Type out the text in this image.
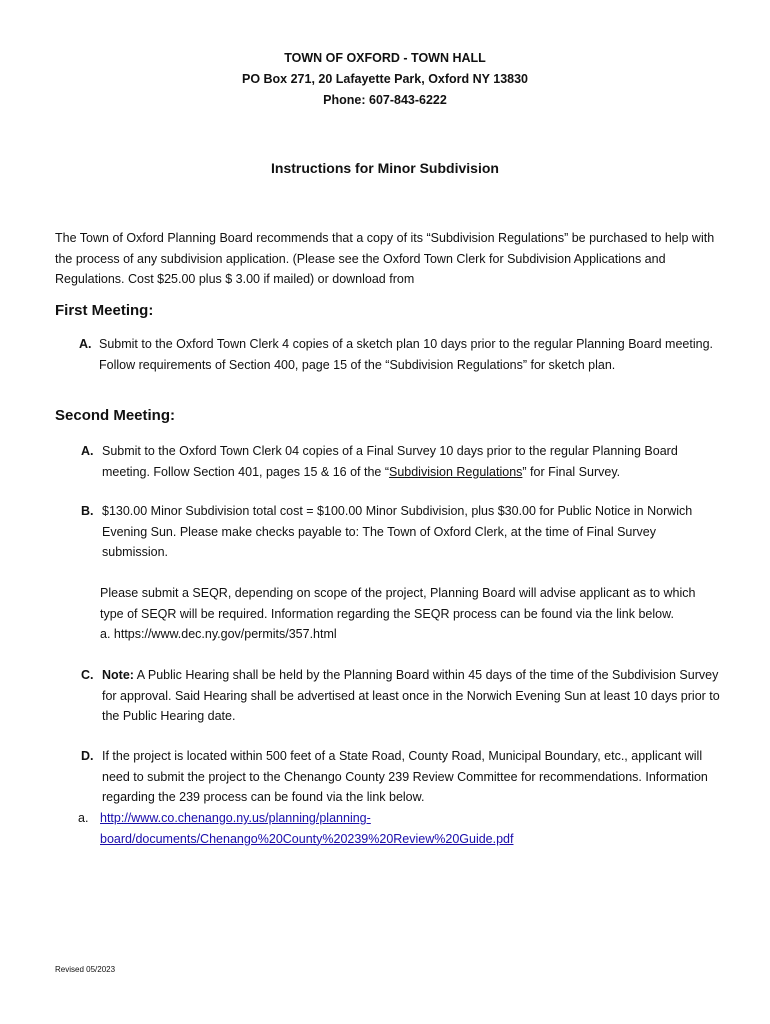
TOWN OF OXFORD - TOWN HALL
PO Box 271, 20 Lafayette Park, Oxford NY 13830
Phone: 607-843-6222
Instructions for Minor Subdivision
The Town of Oxford Planning Board recommends that a copy of its “Subdivision Regulations” be purchased to help with the process of any subdivision application. (Please see the Oxford Town Clerk for Subdivision Applications and Regulations. Cost $25.00 plus $ 3.00 if mailed) or download from
First Meeting:
A. Submit to the Oxford Town Clerk 4 copies of a sketch plan 10 days prior to the regular Planning Board meeting. Follow requirements of Section 400, page 15 of the “Subdivision Regulations” for sketch plan.
Second Meeting:
A. Submit to the Oxford Town Clerk 04 copies of a Final Survey 10 days prior to the regular Planning Board meeting. Follow Section 401, pages 15 & 16 of the “Subdivision Regulations” for Final Survey.
B. $130.00 Minor Subdivision total cost = $100.00 Minor Subdivision, plus $30.00 for Public Notice in Norwich Evening Sun. Please make checks payable to: The Town of Oxford Clerk, at the time of Final Survey submission.
Please submit a SEQR, depending on scope of the project, Planning Board will advise applicant as to which type of SEQR will be required. Information regarding the SEQR process can be found via the link below.
a. https://www.dec.ny.gov/permits/357.html
C. Note: A Public Hearing shall be held by the Planning Board within 45 days of the time of the Subdivision Survey for approval. Said Hearing shall be advertised at least once in the Norwich Evening Sun at least 10 days prior to the Public Hearing date.
D. If the project is located within 500 feet of a State Road, County Road, Municipal Boundary, etc., applicant will need to submit the project to the Chenango County 239 Review Committee for recommendations. Information regarding the 239 process can be found via the link below.
a. http://www.co.chenango.ny.us/planning/planning-
board/documents/Chenango%20County%20239%20Review%20Guide.pdf
Revised 05/2023
